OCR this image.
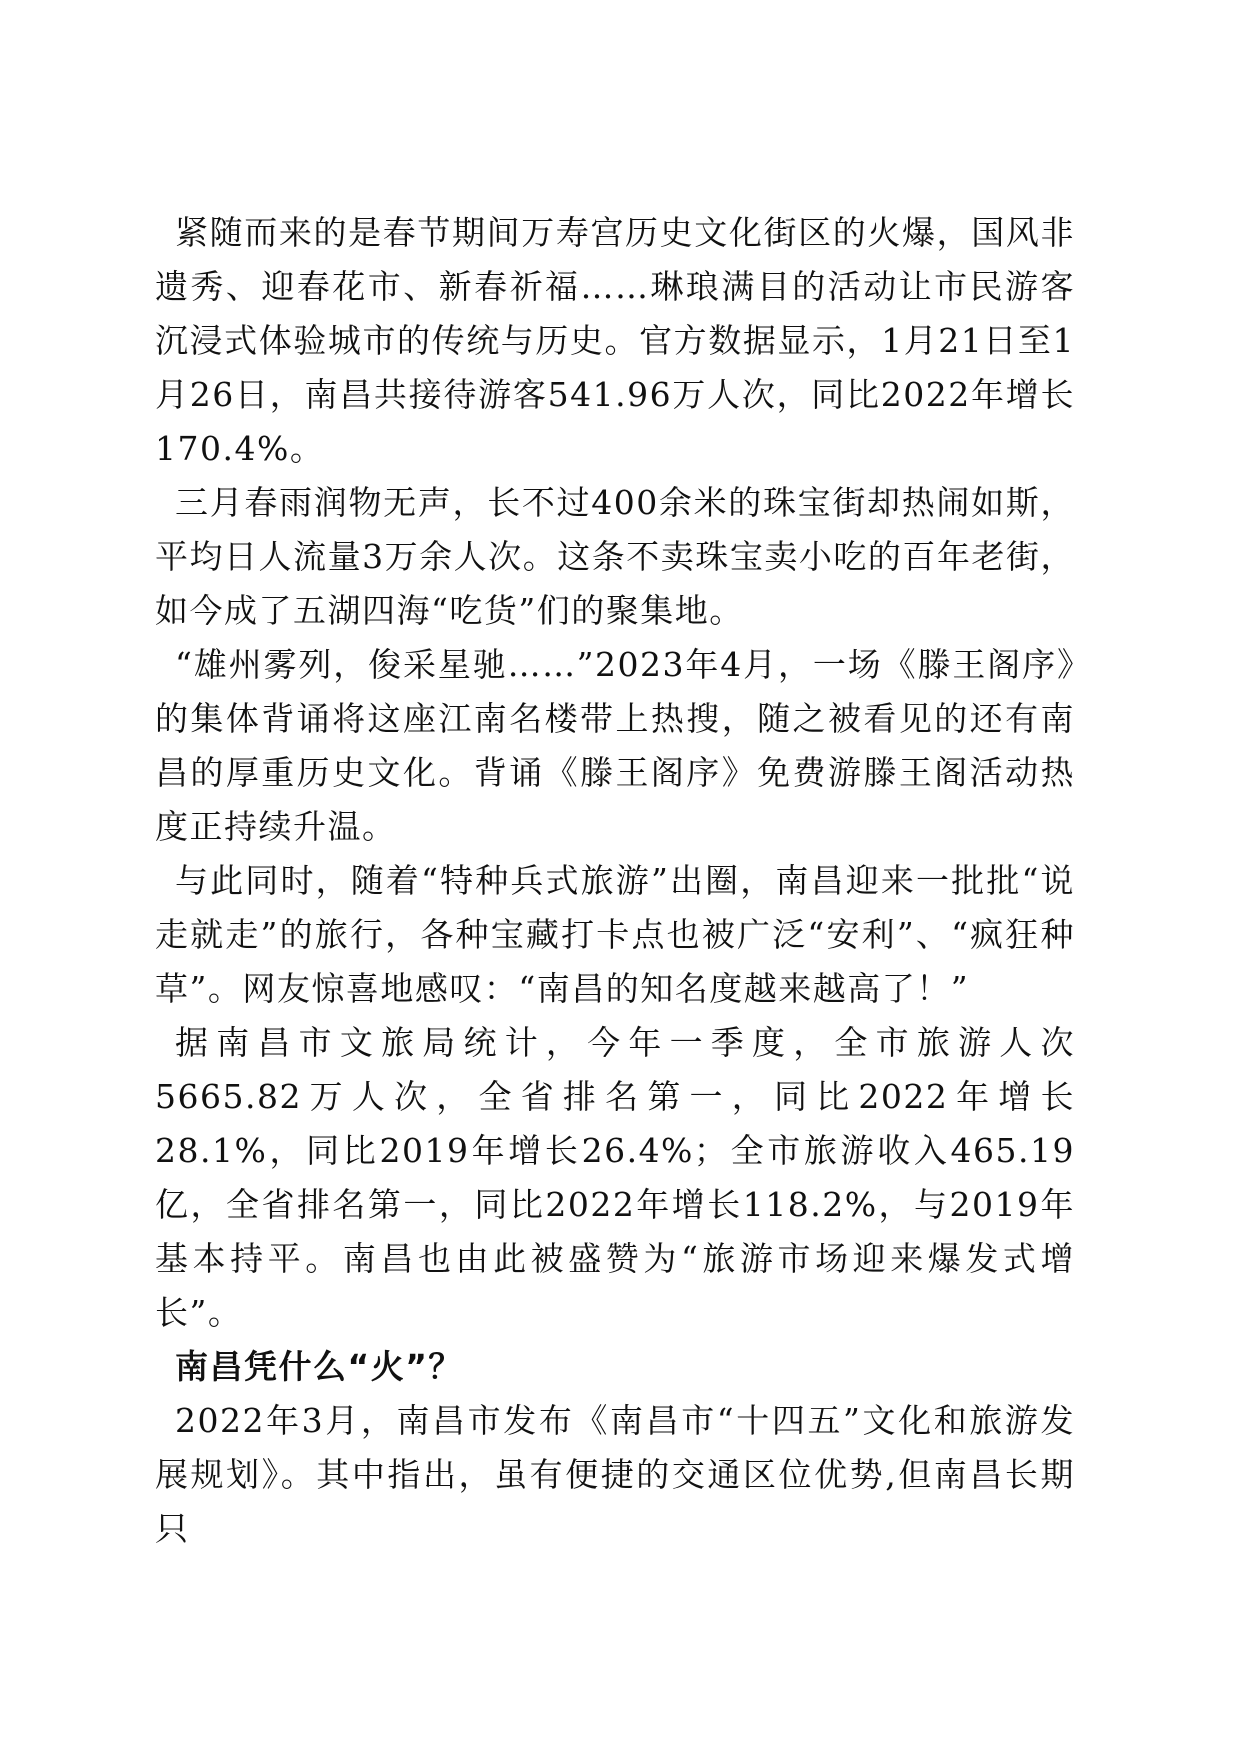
紧随而来的是春节期间万寿宫历史文化街区的火爆，国风非遗秀、迎春花市、新春祈福……琳琅满目的活动让市民游客沉浸式体验城市的传统与历史。官方数据显示，1月21日至1月26日，南昌共接待游客541.96万人次，同比2022年增长170.4%。

三月春雨润物无声，长不过400余米的珠宝街却热闹如斯，平均日人流量3万余人次。这条不卖珠宝卖小吃的百年老街，如今成了五湖四海“吃货”们的聚集地。

“雄州雾列，俊采星驰……”2023年4月，一场《滕王阁序》的集体背诵将这座江南名楼带上热搜，随之被看见的还有南昌的厚重历史文化。背诵《滕王阁序》免费游滕王阁活动热度正持续升温。

与此同时，随着“特种兵式旅游”出圈，南昌迎来一批批“说走就走”的旅行，各种宝藏打卡点也被广泛“安利”、“疯狂种草”。网友惊喜地感叹：“南昌的知名度越来越高了！”

据南昌市文旅局统计，今年一季度，全市旅游人次5665.82万人次，全省排名第一，同比2022年增长28.1%，同比2019年增长26.4%；全市旅游收入465.19亿，全省排名第一，同比2022年增长118.2%，与2019年基本持平。南昌也由此被盛赞为“旅游市场迎来爆发式增长”。

南昌凭什么“火”？

2022年3月，南昌市发布《南昌市“十四五”文化和旅游发展规划》。其中指出，虽有便捷的交通区位优势,但南昌长期只
